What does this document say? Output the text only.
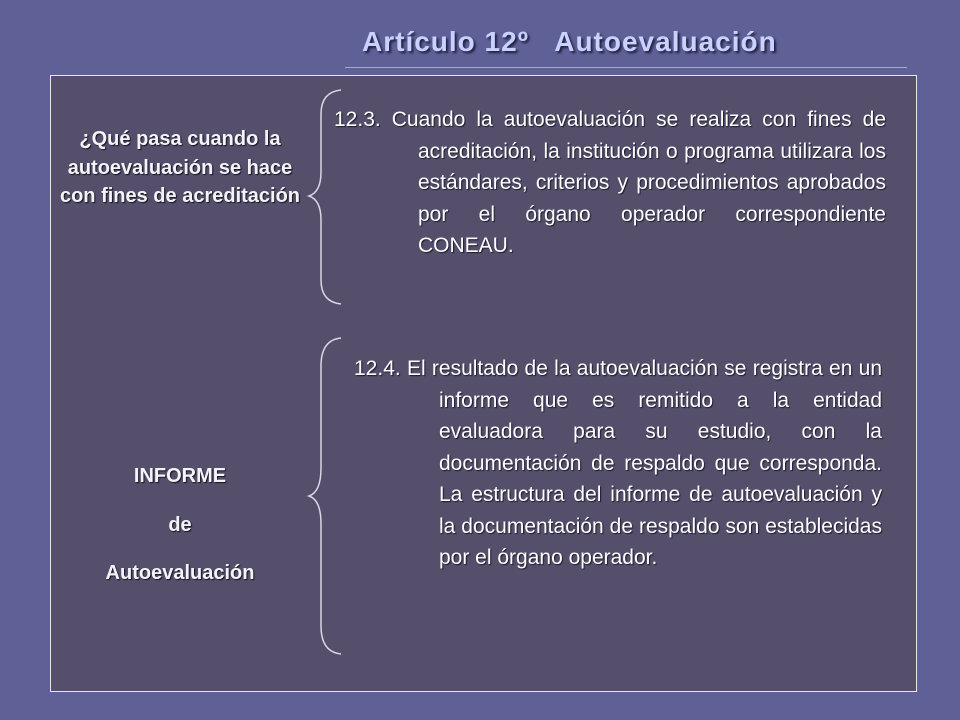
Artículo 12º   Autoevaluación
¿Qué pasa cuando la autoevaluación se hace con fines de acreditación
INFORME
de
Autoevaluación

12.3. Cuando la autoevaluación se realiza con fines de acreditación, la institución o programa utilizara los estándares, criterios y procedimientos aprobados por el órgano operador correspondiente CONEAU.

12.4. El resultado de la autoevaluación se registra en un informe que es remitido a la entidad evaluadora para su estudio, con la documentación de respaldo que corresponda. La estructura del informe de autoevaluación y la documentación de respaldo son establecidas por el órgano operador.
